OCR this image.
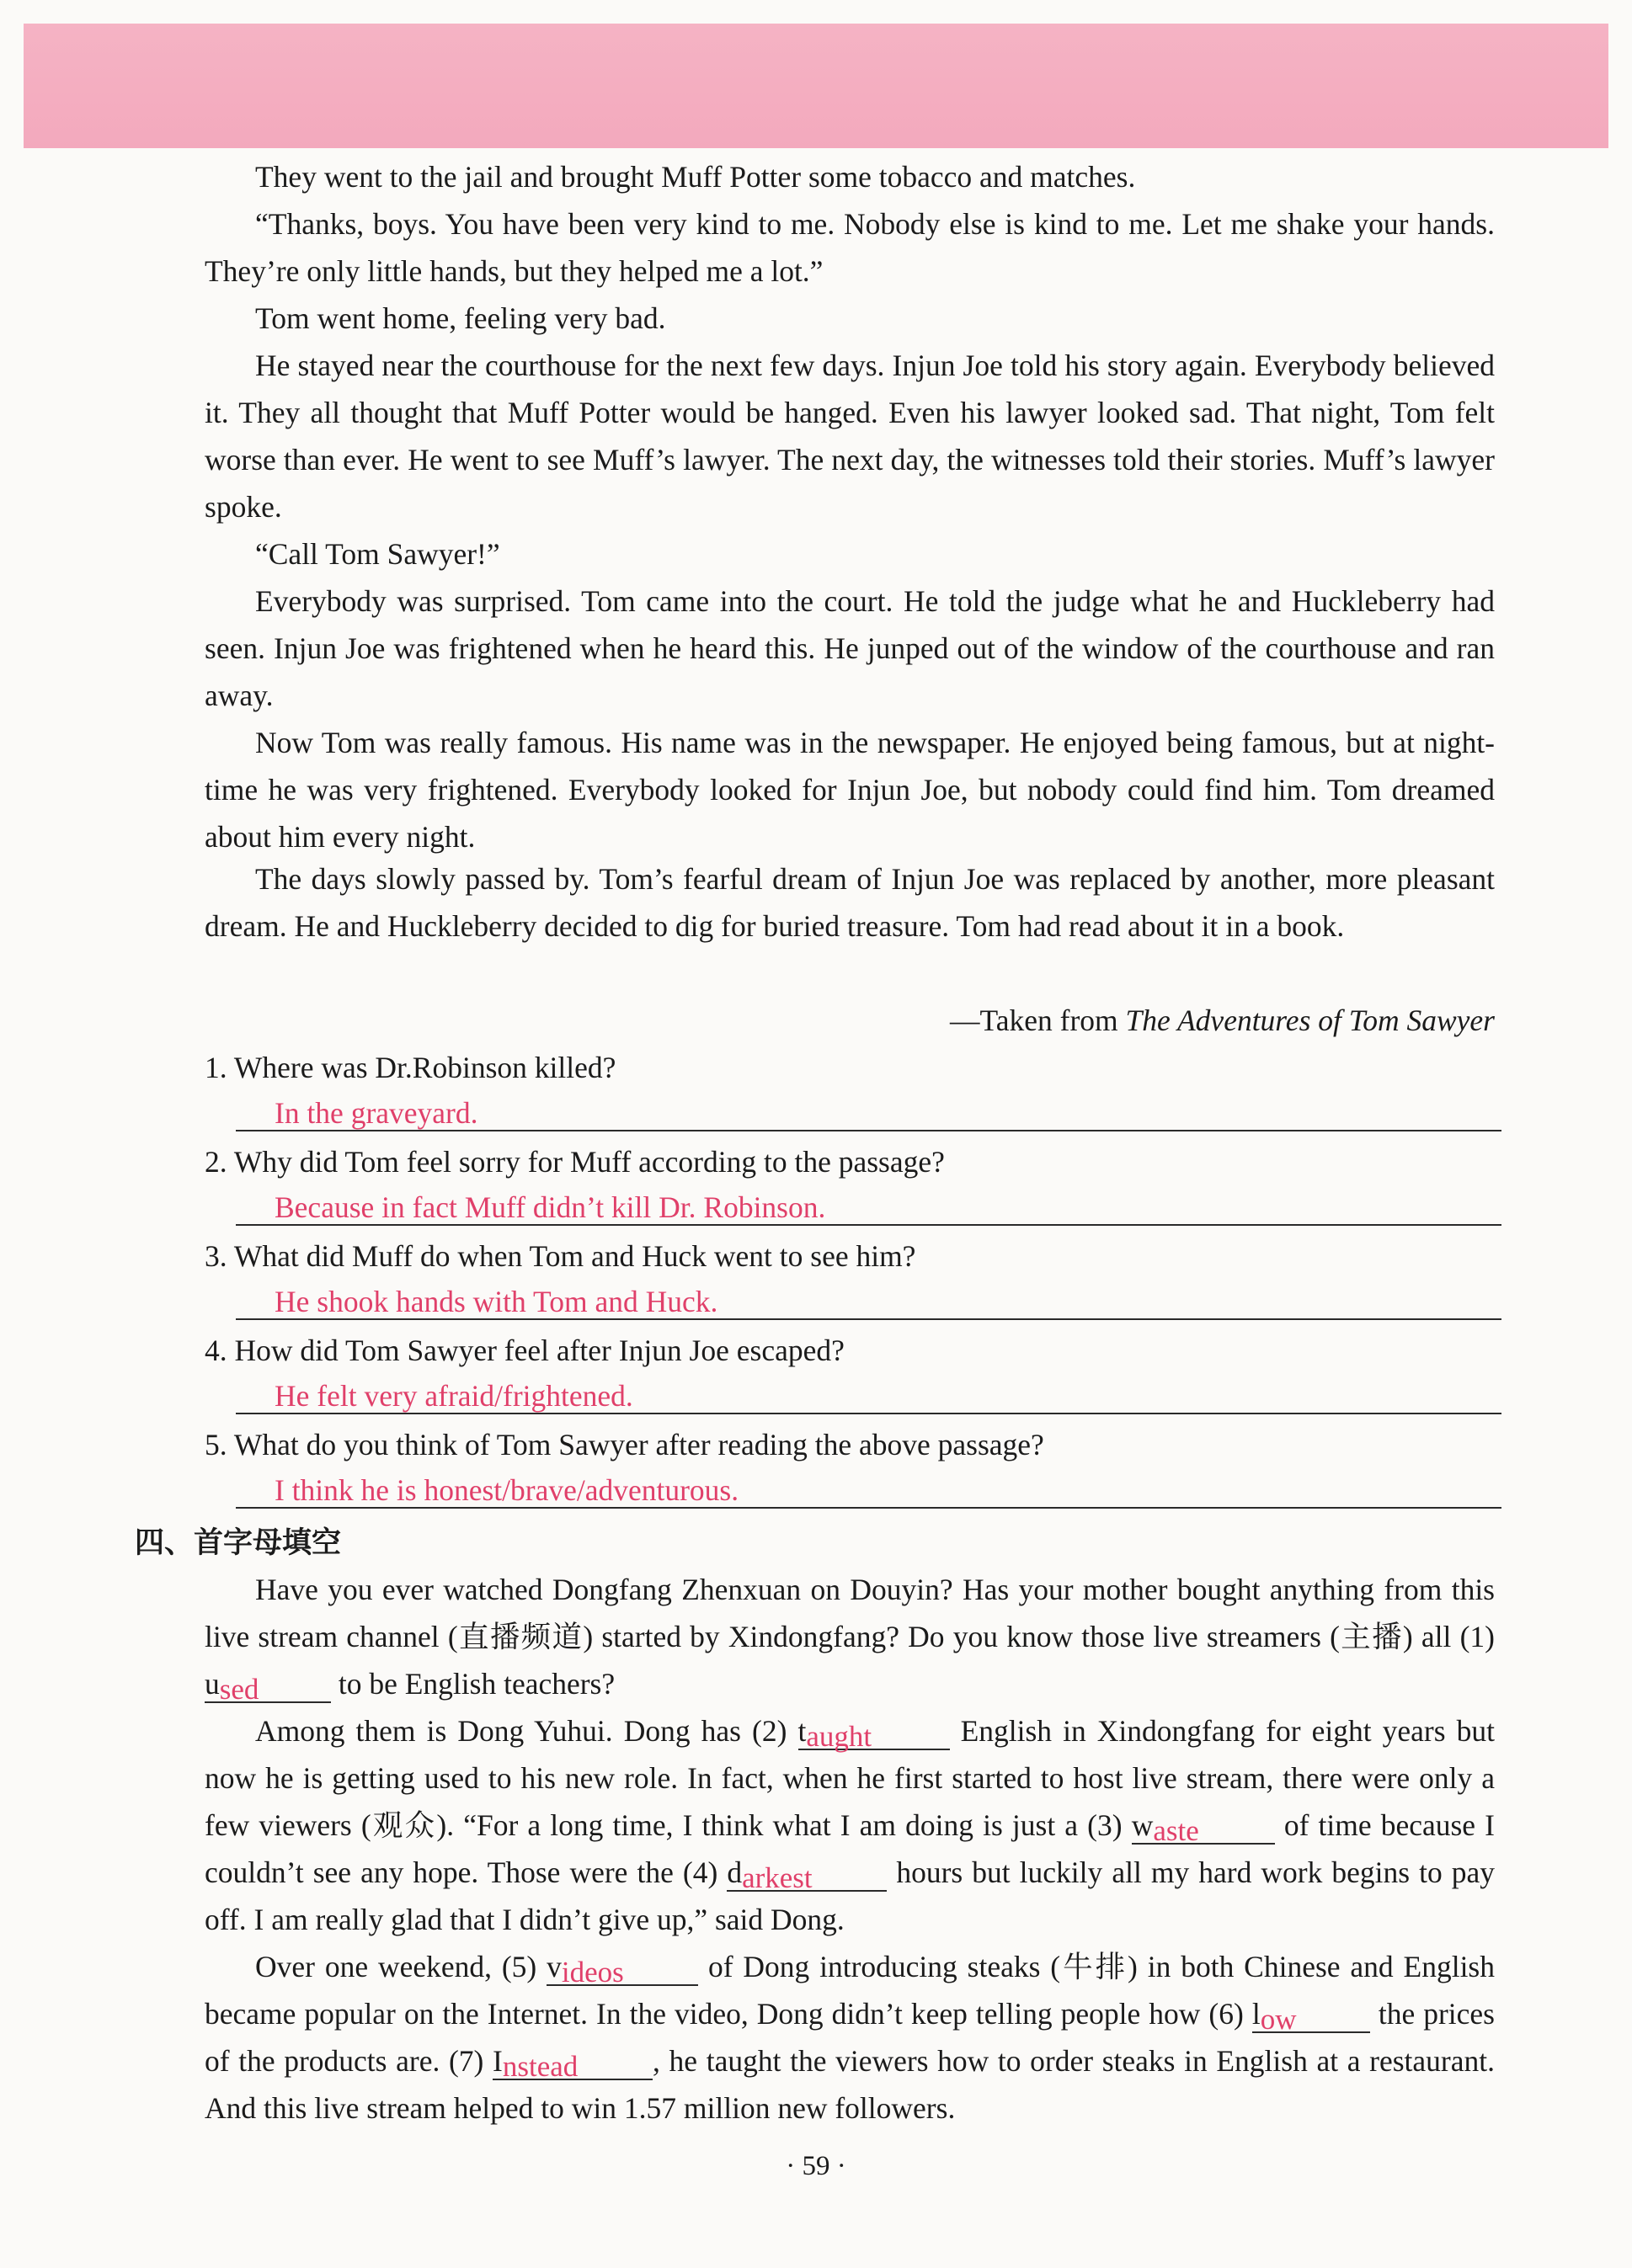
They went to the jail and brought Muff Potter some tobacco and matches.
“Thanks, boys. You have been very kind to me. Nobody else is kind to me. Let me shake your hands. They’re only little hands, but they helped me a lot.”
Tom went home, feeling very bad.
He stayed near the courthouse for the next few days. Injun Joe told his story again. Everybody believed it. They all thought that Muff Potter would be hanged. Even his lawyer looked sad. That night, Tom felt worse than ever. He went to see Muff’s lawyer. The next day, the witnesses told their stories. Muff’s lawyer spoke.
“Call Tom Sawyer!”
Everybody was surprised. Tom came into the court. He told the judge what he and Huckleberry had seen. Injun Joe was frightened when he heard this. He junped out of the window of the courthouse and ran away.
Now Tom was really famous. His name was in the newspaper. He enjoyed being famous, but at night-time he was very frightened. Everybody looked for Injun Joe, but nobody could find him. Tom dreamed about him every night.
The days slowly passed by. Tom’s fearful dream of Injun Joe was replaced by another, more pleasant dream. He and Huckleberry decided to dig for buried treasure. Tom had read about it in a book.
—Taken from The Adventures of Tom Sawyer
1. Where was Dr.Robinson killed?
In the graveyard.
2. Why did Tom feel sorry for Muff according to the passage?
Because in fact Muff didn’t kill Dr. Robinson.
3. What did Muff do when Tom and Huck went to see him?
He shook hands with Tom and Huck.
4. How did Tom Sawyer feel after Injun Joe escaped?
He felt very afraid/frightened.
5. What do you think of Tom Sawyer after reading the above passage?
I think he is honest/brave/adventurous.
四、首字母填空
Have you ever watched Dongfang Zhenxuan on Douyin? Has your mother bought anything from this live stream channel (直播频道) started by Xindongfang? Do you know those live streamers (主播) all (1) used to be English teachers?
Among them is Dong Yuhui. Dong has (2) taught	English in Xindongfang for eight years but now he is getting used to his new role. In fact, when he first started to host live stream, there were only a few viewers (观众). “For a long time, I think what I am doing is just a (3) waste	of time because I couldn’t see any hope. Those were the (4) darkest hours but luckily all my hard work begins to pay off. I am really glad that I didn’t give up,” said Dong.
Over one weekend, (5) videos of Dong introducing steaks (牛排) in both Chinese and English became popular on the Internet. In the video, Dong didn’t keep telling people how (6) low the prices of the products are. (7) Instead	, he taught the viewers how to order steaks in English at a restaurant. And this live stream helped to win 1.57 million new followers.
· 59 ·
